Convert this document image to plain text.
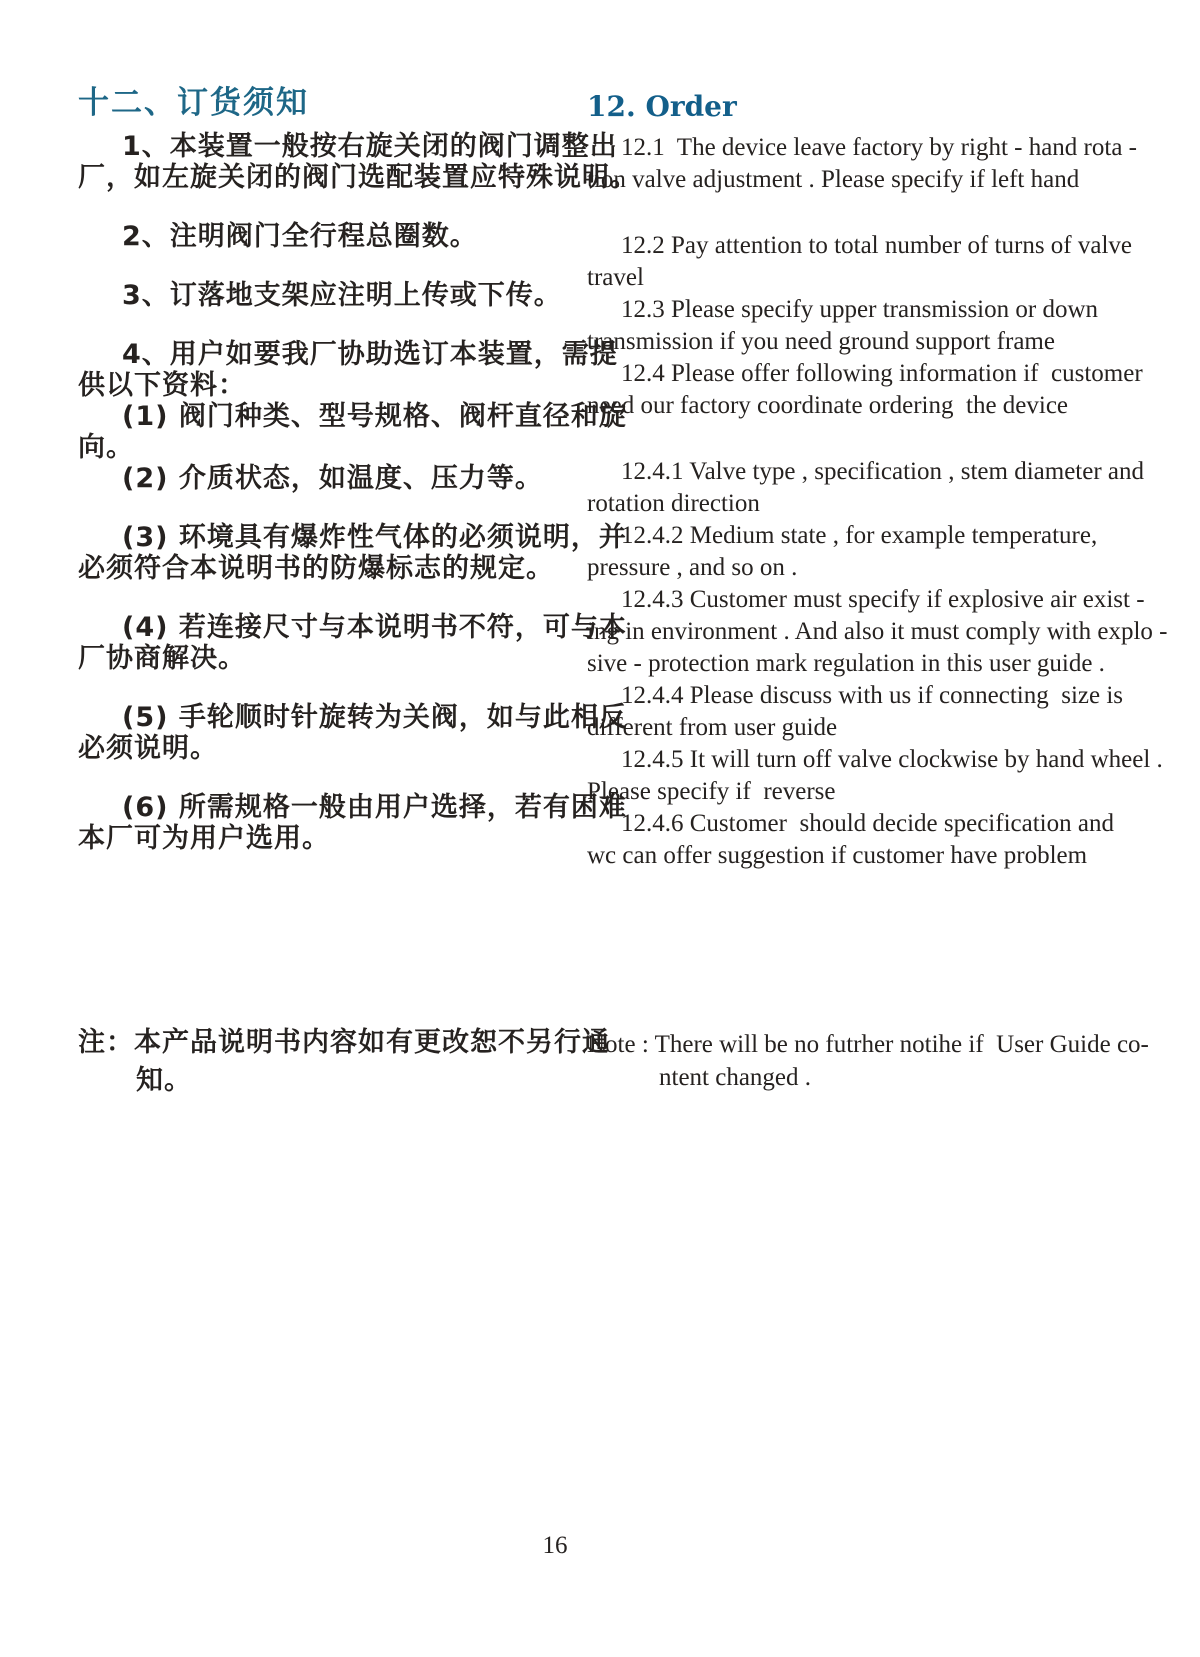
十二、订货须知
1、本装置一般按右旋关闭的阀门调整出
厂，如左旋关闭的阀门选配装置应特殊说明。
2、注明阀门全行程总圈数。
3、订落地支架应注明上传或下传。
4、用户如要我厂协助选订本装置，需提
供以下资料：
(1) 阀门种类、型号规格、阀杆直径和旋
向。
(2) 介质状态，如温度、压力等。
(3) 环境具有爆炸性气体的必须说明，并
必须符合本说明书的防爆标志的规定。
(4) 若连接尺寸与本说明书不符，可与本
厂协商解决。
(5) 手轮顺时针旋转为关阀，如与此相反
必须说明。
(6) 所需规格一般由用户选择，若有困难
本厂可为用户选用。
12. Order
12.1  The device leave factory by right - hand rota -
tion valve adjustment . Please specify if left hand
12.2 Pay attention to total number of turns of valve
travel
12.3 Please specify upper transmission or down
transmission if you need ground support frame
12.4 Please offer following information if  customer
need our factory coordinate ordering  the device
12.4.1 Valve type , specification , stem diameter and
rotation direction
12.4.2 Medium state , for example temperature,
pressure , and so on .
12.4.3 Customer must specify if explosive air exist -
ing in environment . And also it must comply with explo -
sive - protection mark regulation in this user guide .
12.4.4 Please discuss with us if connecting  size is
different from user guide
12.4.5 It will turn off valve clockwise by hand wheel .
Please specify if  reverse
12.4.6 Customer  should decide specification and
wc can offer suggestion if customer have problem
注：本产品说明书内容如有更改恕不另行通
知。
Note : There will be no futrher notihe if  User Guide co-
ntent changed .
16
